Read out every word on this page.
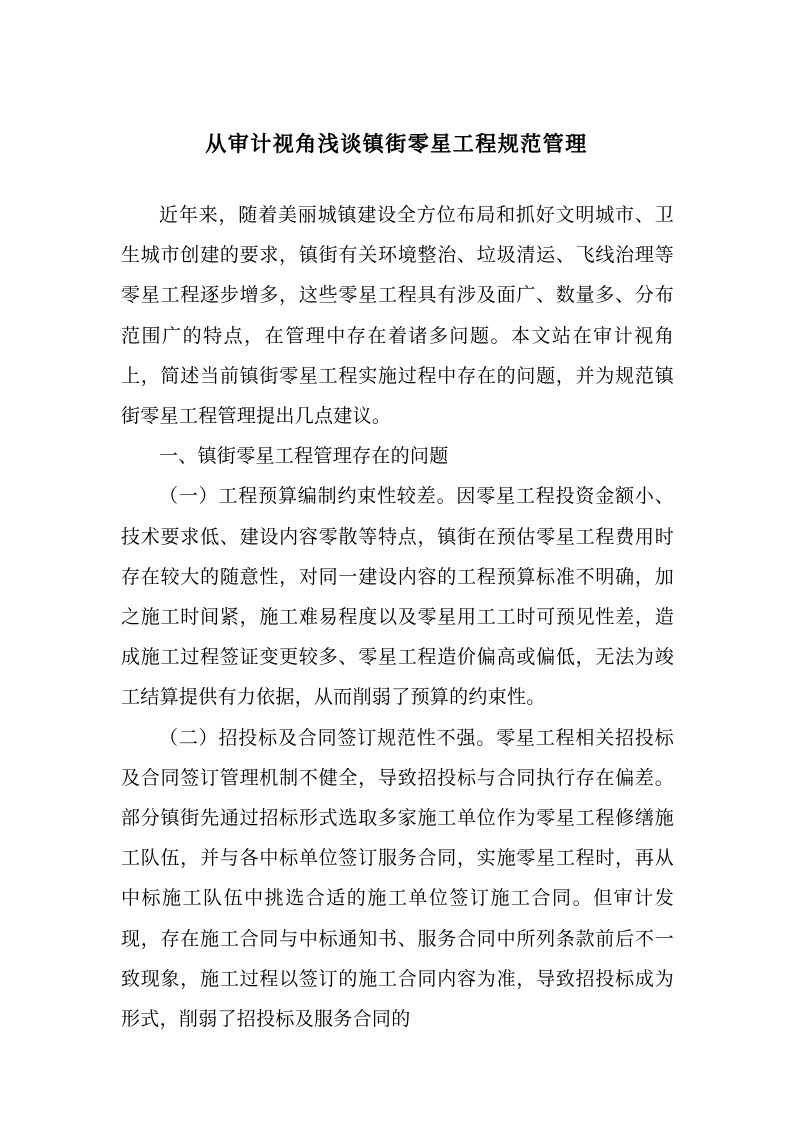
从审计视角浅谈镇街零星工程规范管理

近年来，随着美丽城镇建设全方位布局和抓好文明城市、卫生城市创建的要求，镇街有关环境整治、垃圾清运、飞线治理等零星工程逐步增多，这些零星工程具有涉及面广、数量多、分布范围广的特点，在管理中存在着诸多问题。本文站在审计视角上，简述当前镇街零星工程实施过程中存在的问题，并为规范镇街零星工程管理提出几点建议。

一、镇街零星工程管理存在的问题

（一）工程预算编制约束性较差。因零星工程投资金额小、技术要求低、建设内容零散等特点，镇街在预估零星工程费用时存在较大的随意性，对同一建设内容的工程预算标准不明确，加之施工时间紧，施工难易程度以及零星用工工时可预见性差，造成施工过程签证变更较多、零星工程造价偏高或偏低，无法为竣工结算提供有力依据，从而削弱了预算的约束性。

（二）招投标及合同签订规范性不强。零星工程相关招投标及合同签订管理机制不健全，导致招投标与合同执行存在偏差。部分镇街先通过招标形式选取多家施工单位作为零星工程修缮施工队伍，并与各中标单位签订服务合同，实施零星工程时，再从中标施工队伍中挑选合适的施工单位签订施工合同。但审计发现，存在施工合同与中标通知书、服务合同中所列条款前后不一致现象，施工过程以签订的施工合同内容为准，导致招投标成为形式，削弱了招投标及服务合同的
